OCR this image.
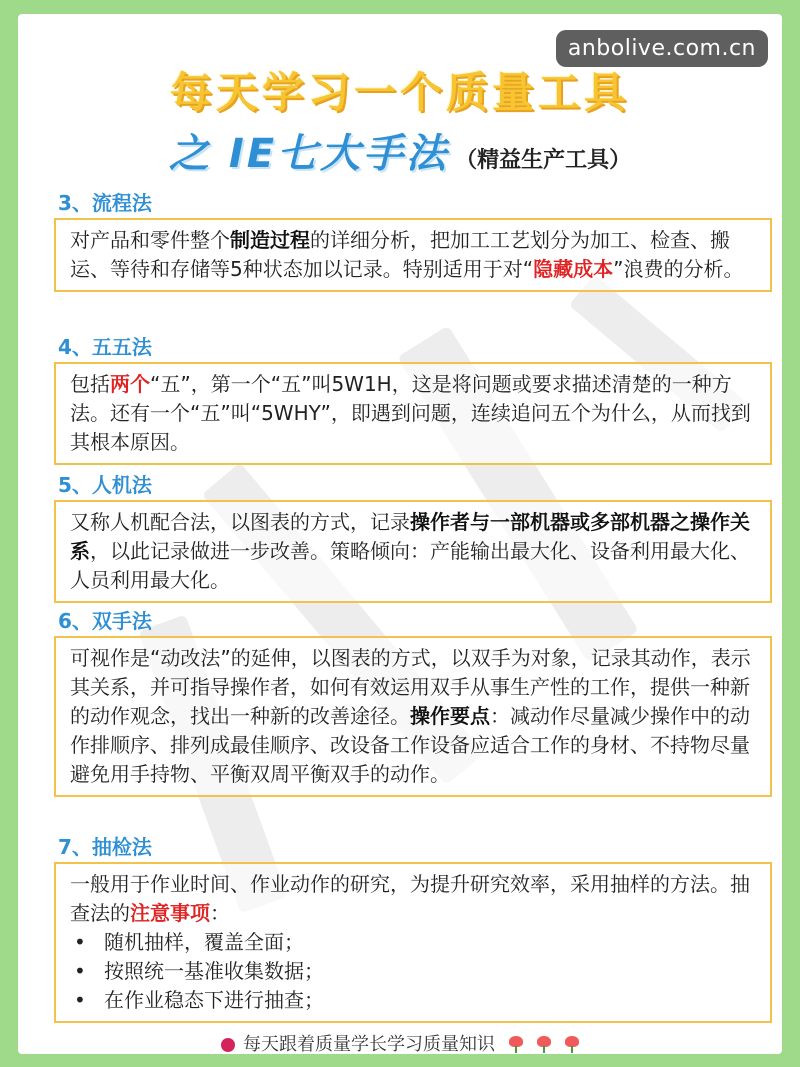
anbolive.com.cn
每天学习一个质量工具
之 IE七大手法 （精益生产工具）
3、流程法
对产品和零件整个制造过程的详细分析，把加工工艺划分为加工、检查、搬运、等待和存储等5种状态加以记录。特别适用于对“隐藏成本”浪费的分析。
4、五五法
包括两个“五”，第一个“五”叫5W1H，这是将问题或要求描述清楚的一种方法。还有一个“五”叫“5WHY”，即遇到问题，连续追问五个为什么，从而找到其根本原因。
5、人机法
又称人机配合法，以图表的方式，记录操作者与一部机器或多部机器之操作关系，以此记录做进一步改善。策略倾向：产能输出最大化、设备利用最大化、人员利用最大化。
6、双手法
可视作是“动改法”的延伸，以图表的方式，以双手为对象，记录其动作，表示其关系，并可指导操作者，如何有效运用双手从事生产性的工作，提供一种新的动作观念，找出一种新的改善途径。操作要点：减动作尽量减少操作中的动作排顺序、排列成最佳顺序、改设备工作设备应适合工作的身材、不持物尽量避免用手持物、平衡双周平衡双手的动作。
7、抽检法
一般用于作业时间、作业动作的研究，为提升研究效率，采用抽样的方法。抽查法的注意事项：
• 随机抽样，覆盖全面；
• 按照统一基准收集数据；
• 在作业稳态下进行抽查；
每天跟着质量学长学习质量知识
